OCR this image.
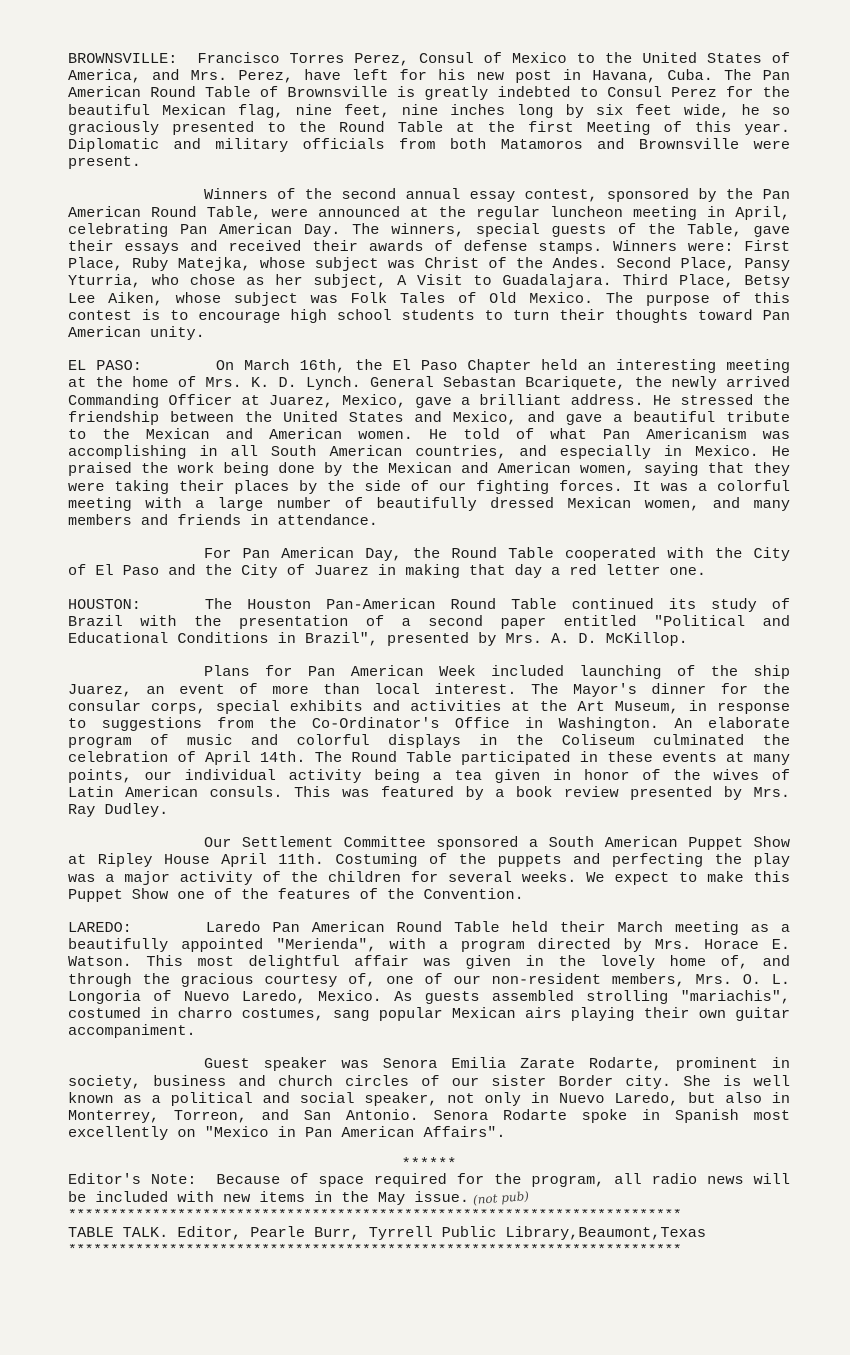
BROWNSVILLE: Francisco Torres Perez, Consul of Mexico to the United States of America, and Mrs. Perez, have left for his new post in Havana, Cuba. The Pan American Round Table of Brownsville is greatly indebted to Consul Perez for the beautiful Mexican flag, nine feet, nine inches long by six feet wide, he so graciously presented to the Round Table at the first Meeting of this year. Diplomatic and military officials from both Matamoros and Brownsville were present.

Winners of the second annual essay contest, sponsored by the Pan American Round Table, were announced at the regular luncheon meeting in April, celebrating Pan American Day. The winners, special guests of the Table, gave their essays and received their awards of defense stamps. Winners were: First Place, Ruby Matejka, whose subject was Christ of the Andes. Second Place, Pansy Yturria, who chose as her subject, A Visit to Guadalajara. Third Place, Betsy Lee Aiken, whose subject was Folk Tales of Old Mexico. The purpose of this contest is to encourage high school students to turn their thoughts toward Pan American unity.

EL PASO:	On March 16th, the El Paso Chapter held an interesting meeting at the home of Mrs. K. D. Lynch. General Sebastan Bcariquete, the newly arrived Commanding Officer at Juarez, Mexico, gave a brilliant address. He stressed the friendship between the United States and Mexico, and gave a beautiful tribute to the Mexican and American women. He told of what Pan Americanism was accomplishing in all South American countries, and especially in Mexico. He praised the work being done by the Mexican and American women, saying that they were taking their places by the side of our fighting forces. It was a colorful meeting with a large number of beautifully dressed Mexican women, and many members and friends in attendance.

For Pan American Day, the Round Table cooperated with the City of El Paso and the City of Juarez in making that day a red letter one.

HOUSTON:	The Houston Pan-American Round Table continued its study of Brazil with the presentation of a second paper entitled "Political and Educational Conditions in Brazil", presented by Mrs. A. D. McKillop.

Plans for Pan American Week included launching of the ship Juarez, an event of more than local interest. The Mayor's dinner for the consular corps, special exhibits and activities at the Art Museum, in response to suggestions from the Co-Ordinator's Office in Washington. An elaborate program of music and colorful displays in the Coliseum culminated the celebration of April 14th. The Round Table participated in these events at many points, our individual activity being a tea given in honor of the wives of Latin American consuls. This was featured by a book review presented by Mrs. Ray Dudley.

Our Settlement Committee sponsored a South American Puppet Show at Ripley House April 11th. Costuming of the puppets and perfecting the play was a major activity of the children for several weeks. We expect to make this Puppet Show one of the features of the Convention.

LAREDO:	Laredo Pan American Round Table held their March meeting as a beautifully appointed "Merienda", with a program directed by Mrs. Horace E. Watson. This most delightful affair was given in the lovely home of, and through the gracious courtesy of, one of our non-resident members, Mrs. O. L. Longoria of Nuevo Laredo, Mexico. As guests assembled strolling "mariachis", costumed in charro costumes, sang popular Mexican airs playing their own guitar accompaniment.

Guest speaker was Senora Emilia Zarate Rodarte, prominent in society, business and church circles of our sister Border city. She is well known as a political and social speaker, not only in Nuevo Laredo, but also in Monterrey, Torreon, and San Antonio. Senora Rodarte spoke in Spanish most excellently on "Mexico in Pan American Affairs".

******

Editor's Note: Because of space required for the program, all radio news will be included with new items in the May issue. (not pub)

*************************************************************************

TABLE TALK. Editor, Pearle Burr, Tyrrell Public Library,Beaumont,Texas

*************************************************************************
